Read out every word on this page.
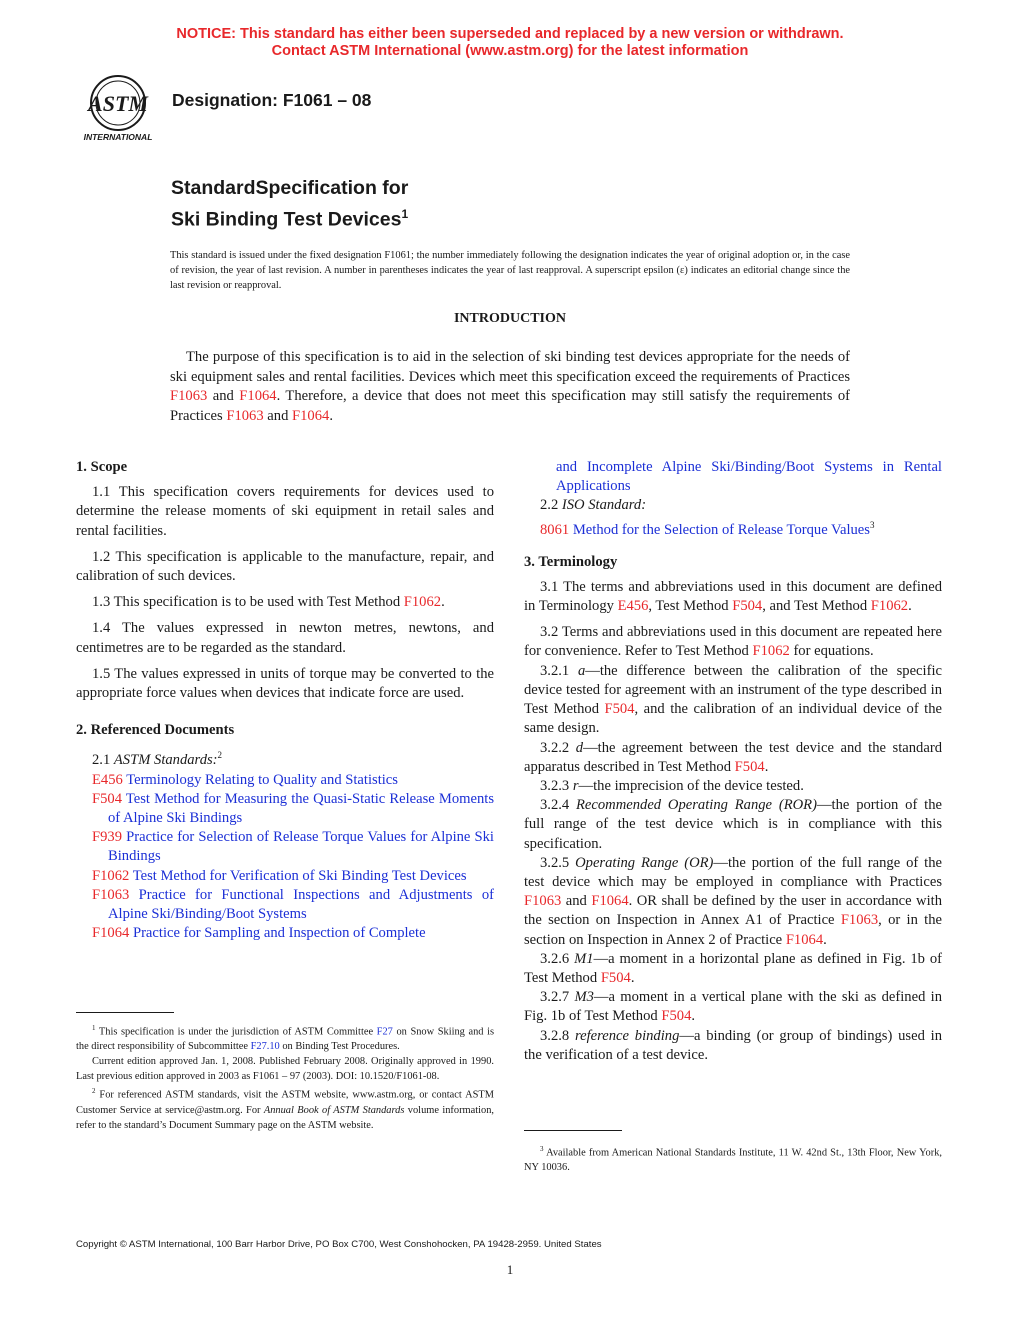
NOTICE: This standard has either been superseded and replaced by a new version or withdrawn.
Contact ASTM International (www.astm.org) for the latest information
ASTM
INTERNATIONAL
Designation: F1061 – 08
StandardSpecification for
Ski Binding Test Devices$^1$
This standard is issued under the fixed designation F1061; the number immediately following the designation indicates the year of original adoption or, in the case of revision, the year of last revision. A number in parentheses indicates the year of last reapproval. A superscript epsilon (ε) indicates an editorial change since the last revision or reapproval.
INTRODUCTION
The purpose of this specification is to aid in the selection of ski binding test devices appropriate for the needs of ski equipment sales and rental facilities. Devices which meet this specification exceed the requirements of Practices F1063 and F1064. Therefore, a device that does not meet this specification may still satisfy the requirements of Practices F1063 and F1064.

1. Scope

1.1 This specification covers requirements for devices used to determine the release moments of ski equipment in retail sales and rental facilities.

1.2 This specification is applicable to the manufacture, repair, and calibration of such devices.

1.3 This specification is to be used with Test Method F1062.

1.4 The values expressed in newton metres, newtons, and centimetres are to be regarded as the standard.

1.5 The values expressed in units of torque may be converted to the appropriate force values when devices that indicate force are used.

2. Referenced Documents

2.1 ASTM Standards:$^2$

E456 Terminology Relating to Quality and Statistics

F504 Test Method for Measuring the Quasi-Static Release Moments of Alpine Ski Bindings

F939 Practice for Selection of Release Torque Values for Alpine Ski Bindings

F1062 Test Method for Verification of Ski Binding Test Devices

F1063 Practice for Functional Inspections and Adjustments of Alpine Ski/Binding/Boot Systems

F1064 Practice for Sampling and Inspection of Complete

$^1$ This specification is under the jurisdiction of ASTM Committee F27 on Snow Skiing and is the direct responsibility of Subcommittee F27.10 on Binding Test Procedures.

Current edition approved Jan. 1, 2008. Published February 2008. Originally approved in 1990. Last previous edition approved in 2003 as F1061 – 97 (2003). DOI: 10.1520/F1061-08.

$^2$ For referenced ASTM standards, visit the ASTM website, www.astm.org, or contact ASTM Customer Service at service@astm.org. For Annual Book of ASTM Standards volume information, refer to the standard’s Document Summary page on the ASTM website.

and Incomplete Alpine Ski/Binding/Boot Systems in Rental Applications

2.2 ISO Standard:

8061 Method for the Selection of Release Torque Values$^3$

3. Terminology

3.1 The terms and abbreviations used in this document are defined in Terminology E456, Test Method F504, and Test Method F1062.

3.2 Terms and abbreviations used in this document are repeated here for convenience. Refer to Test Method F1062 for equations.

3.2.1 a—the difference between the calibration of the specific device tested for agreement with an instrument of the type described in Test Method F504, and the calibration of an individual device of the same design.

3.2.2 d—the agreement between the test device and the standard apparatus described in Test Method F504.

3.2.3 r—the imprecision of the device tested.

3.2.4 Recommended Operating Range (ROR)—the portion of the full range of the test device which is in compliance with this specification.

3.2.5 Operating Range (OR)—the portion of the full range of the test device which may be employed in compliance with Practices F1063 and F1064. OR shall be defined by the user in accordance with the section on Inspection in Annex A1 of Practice F1063, or in the section on Inspection in Annex 2 of Practice F1064.

3.2.6 M1—a moment in a horizontal plane as defined in Fig. 1b of Test Method F504.

3.2.7 M3—a moment in a vertical plane with the ski as defined in Fig. 1b of Test Method F504.

3.2.8 reference binding—a binding (or group of bindings) used in the verification of a test device.

$^3$ Available from American National Standards Institute, 11 W. 42nd St., 13th Floor, New York, NY 10036.

Copyright © ASTM International, 100 Barr Harbor Drive, PO Box C700, West Conshohocken, PA 19428-2959. United States
1
